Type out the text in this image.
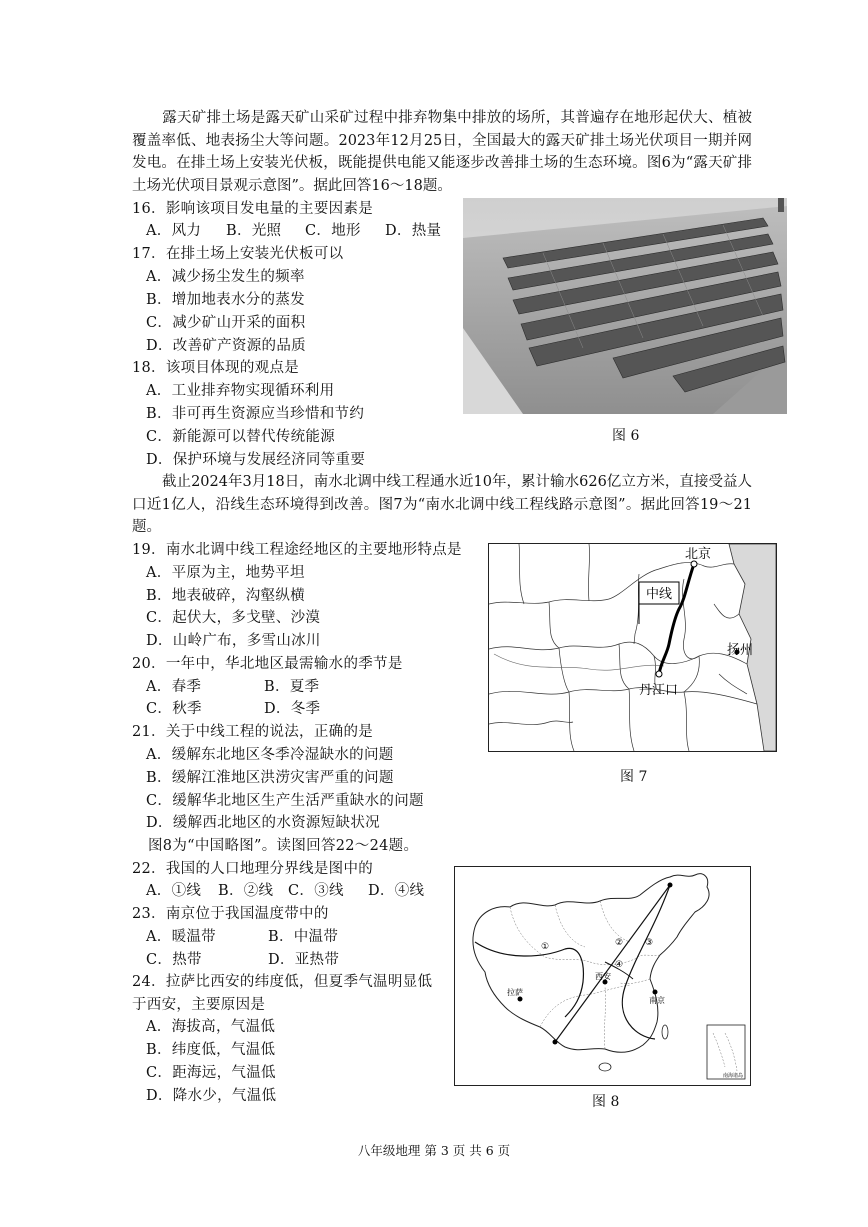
露天矿排土场是露天矿山采矿过程中排弃物集中排放的场所，其普遍存在地形起伏大、植被覆盖率低、地表扬尘大等问题。2023年12月25日，全国最大的露天矿排土场光伏项目一期并网发电。在排土场上安装光伏板，既能提供电能又能逐步改善排土场的生态环境。图6为“露天矿排土场光伏项目景观示意图”。据此回答16～18题。
16．影响该项目发电量的主要因素是
A．风力 B．光照 C．地形 D．热量
17．在排土场上安装光伏板可以
A．减少扬尘发生的频率
B．增加地表水分的蒸发
C．减少矿山开采的面积
D．改善矿产资源的品质
18．该项目体现的观点是
A．工业排弃物实现循环利用
B．非可再生资源应当珍惜和节约
C．新能源可以替代传统能源
D．保护环境与发展经济同等重要
图 6
截止2024年3月18日，南水北调中线工程通水近10年，累计输水626亿立方米，直接受益人口近1亿人，沿线生态环境得到改善。图7为“南水北调中线工程线路示意图”。据此回答19～21题。
19．南水北调中线工程途经地区的主要地形特点是
A．平原为主，地势平坦
B．地表破碎，沟壑纵横
C．起伏大，多戈壁、沙漠
D．山岭广布，多雪山冰川
20．一年中，华北地区最需输水的季节是
A．春季	B．夏季
C．秋季	D．冬季
21．关于中线工程的说法，正确的是
A．缓解东北地区冬季冷湿缺水的问题
B．缓解江淮地区洪涝灾害严重的问题
C．缓解华北地区生产生活严重缺水的问题
D．缓解西北地区的水资源短缺状况
中线
北京
扬州
丹江口
图 7
图8为“中国略图”。读图回答22～24题。
22．我国的人口地理分界线是图中的
A．①线 B．②线 C．③线 D．④线
23．南京位于我国温度带中的
A．暖温带	B．中温带
C．热带	D．亚热带
24．拉萨比西安的纬度低，但夏季气温明显低
于西安，主要原因是
A．海拔高，气温低
B．纬度低，气温低
C．距海远，气温低
D．降水少，气温低
①	② ③
④
拉萨
西安
南京
南海诸岛
图 8
八年级地理 第 3 页 共 6 页
